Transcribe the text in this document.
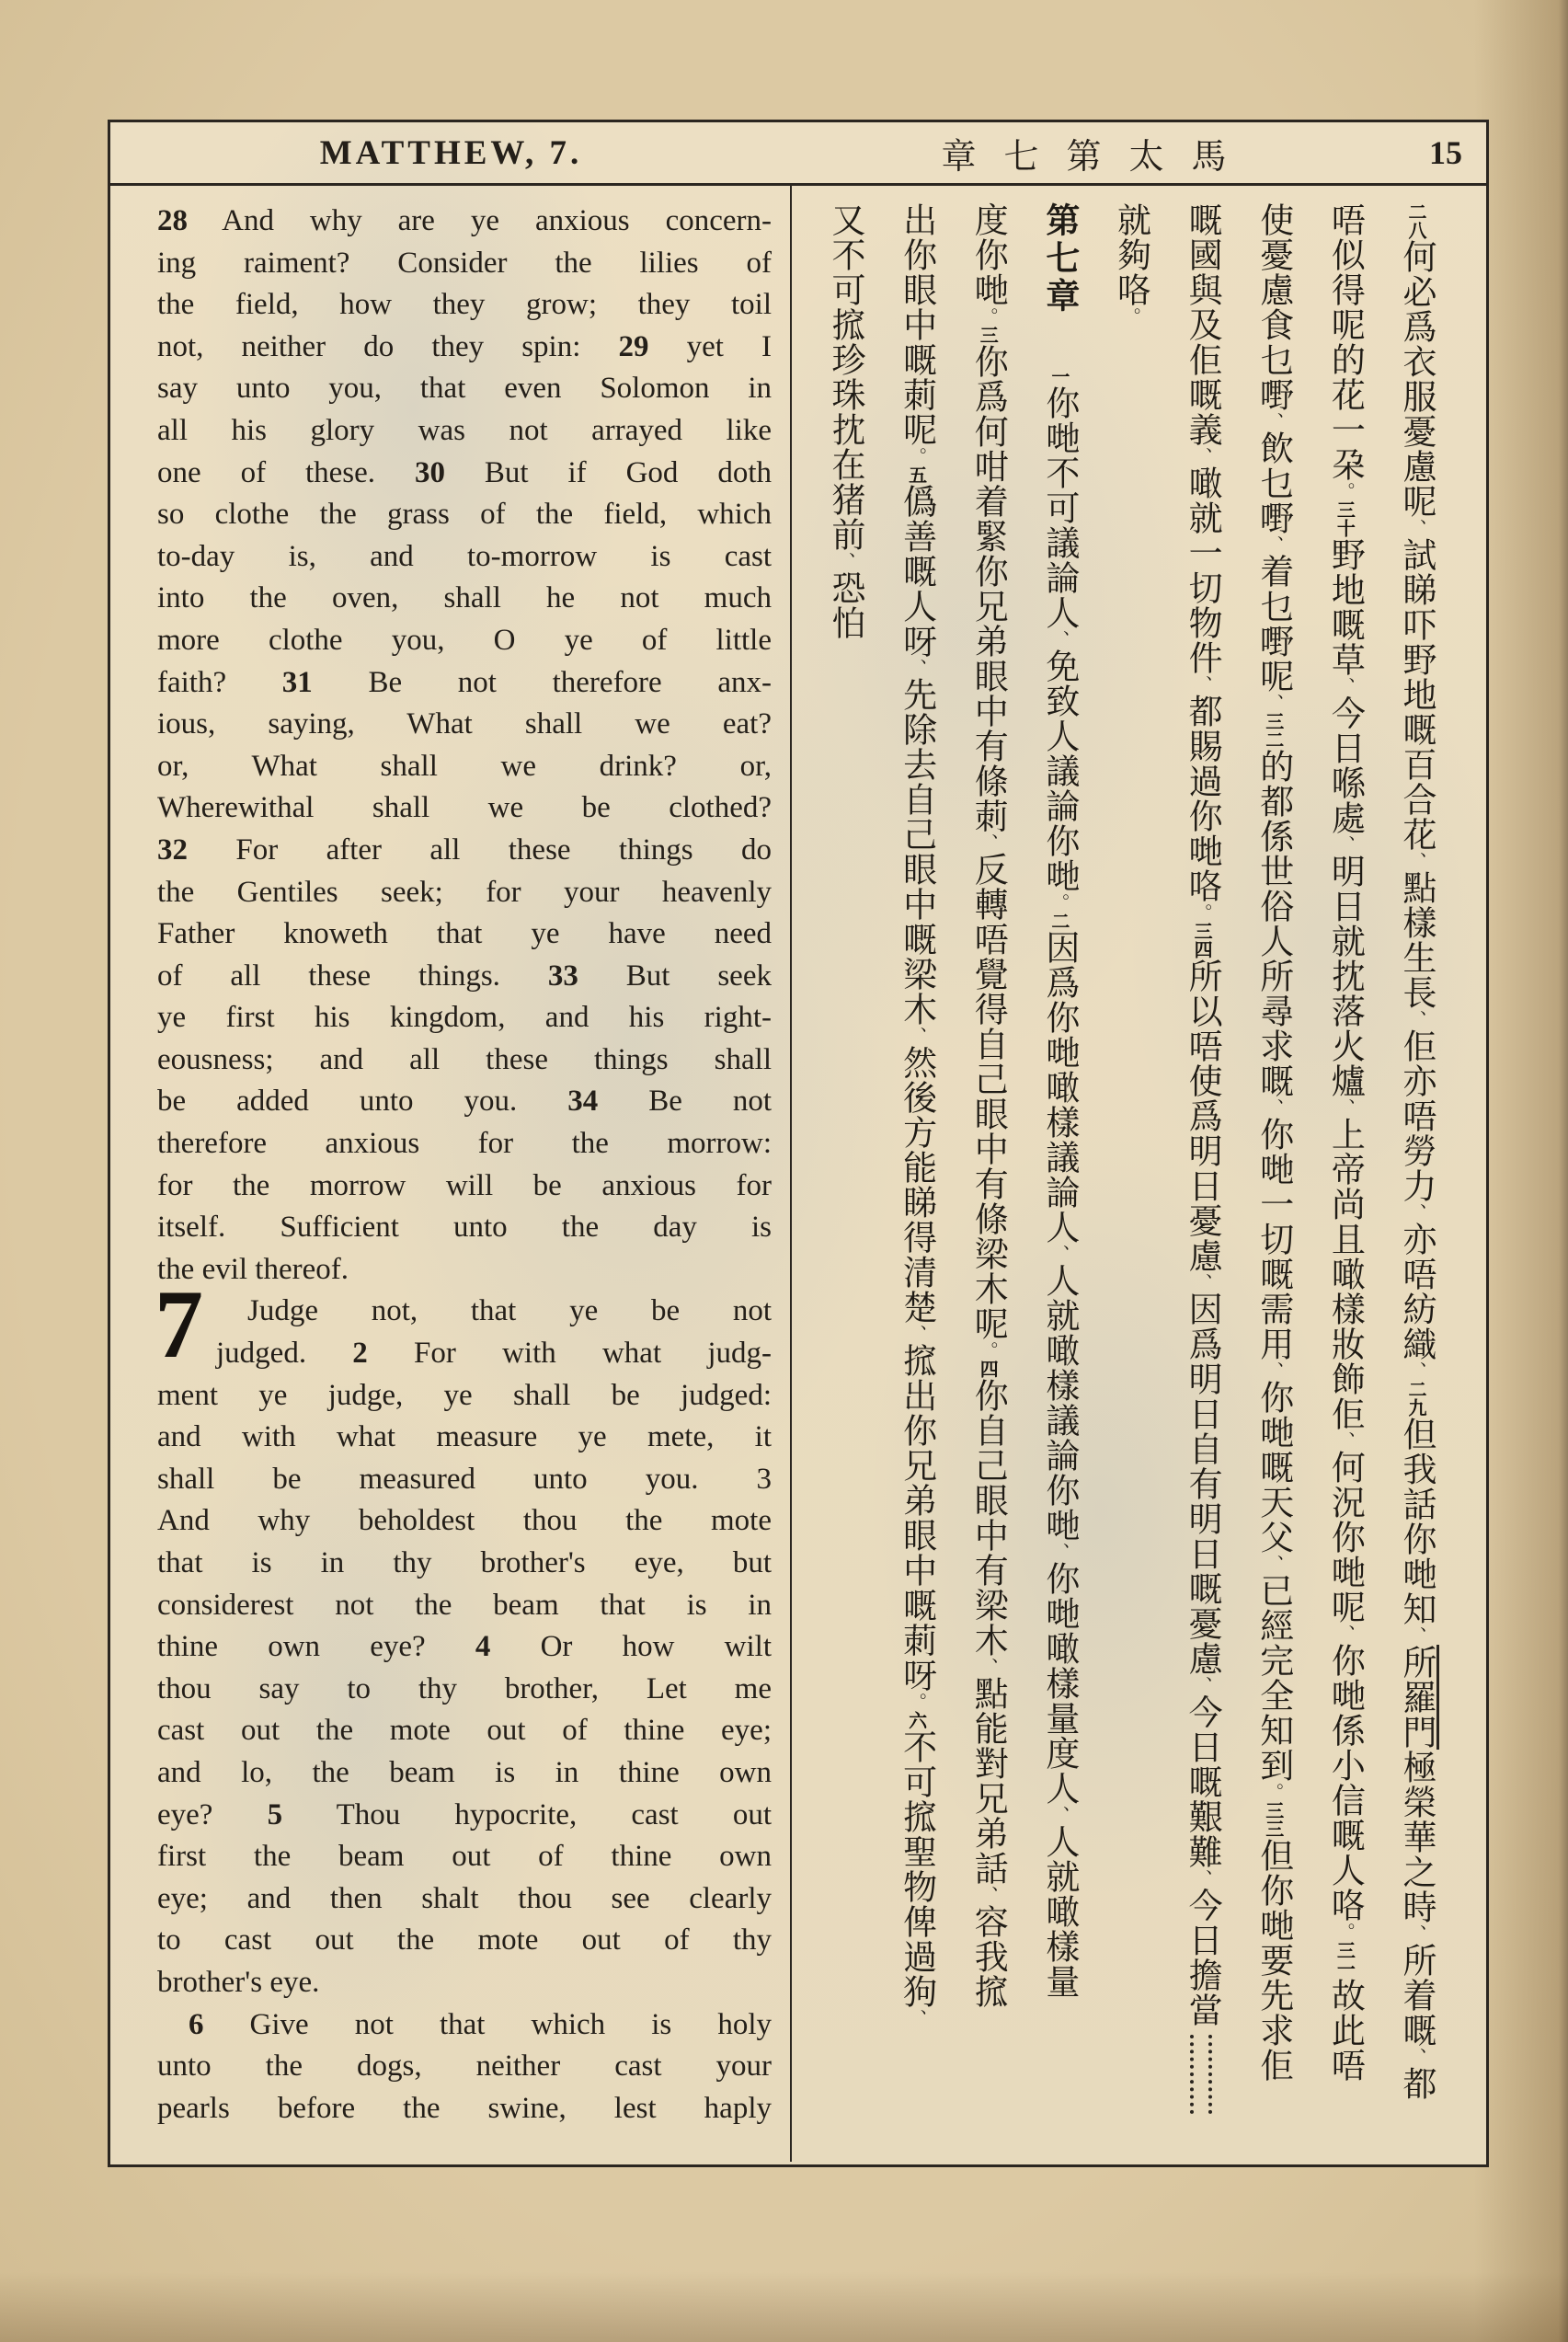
MATTHEW, 7.	章七第太馬	15
7
28 And why are ye anxious concern-
ing raiment? Consider the lilies of
the field, how they grow; they toil
not, neither do they spin: 29 yet I
say unto you, that even Solomon in
all his glory was not arrayed like
one of these. 30 But if God doth
so clothe the grass of the field, which
to-day is, and to-morrow is cast
into the oven, shall he not much
more clothe you, O ye of little
faith? 31 Be not therefore anx-
ious, saying, What shall we eat?
or, What shall we drink? or,
Wherewithal shall we be clothed?
32 For after all these things do
the Gentiles seek; for your heavenly
Father knoweth that ye have need
of all these things. 33 But seek
ye first his kingdom, and his right-
eousness; and all these things shall
be added unto you. 34 Be not
therefore anxious for the morrow:
for the morrow will be anxious for
itself. Sufficient unto the day is
the evil thereof.
Judge not, that ye be not
judged. 2 For with what judg-
ment ye judge, ye shall be judged:
and with what measure ye mete, it
shall be measured unto you. 3
And why beholdest thou the mote
that is in thy brother's eye, but
considerest not the beam that is in
thine own eye? 4 Or how wilt
thou say to thy brother, Let me
cast out the mote out of thine eye;
and lo, the beam is in thine own
eye? 5 Thou hypocrite, cast out
first the beam out of thine own
eye; and then shalt thou see clearly
to cast out the mote out of thy
brother's eye.
6 Give not that which is holy
unto the dogs, neither cast your
pearls before the swine, lest haply
二八何必爲衣服憂慮呢、試睇吓野地嘅百合花、點樣生長、佢亦唔勞力、亦唔紡織、二九但我話你哋知、所羅門極榮華之時、所着嘅、都
唔似得呢的花一朶。三十野地嘅草、今日喺處、明日就抌落火爐、上帝尚且噉樣妝飾佢、何況你哋呢、你哋係小信嘅人咯。三一故此唔
使憂慮食乜嘢、飲乜嘢、着乜嘢呢、三二的都係世俗人所尋求嘅、你哋一切嘅需用、你哋嘅天父、已經完全知到。三三但你哋要先求佢
嘅國與及佢嘅義、噉就一切物件、都賜過你哋咯。三四所以唔使爲明日憂慮、因爲明日自有明日嘅憂慮、今日嘅艱難、今日擔當
就夠咯。
第七章一你哋不可議論人、免致人議論你哋。二因爲你哋噉樣議論人、人就噉樣議論你哋、你哋噉樣量度人、人就噉樣量
度你哋。三你爲何咁着緊你兄弟眼中有條莿、反轉唔覺得自己眼中有條梁木呢。四你自己眼中有梁木、點能對兄弟話、容我搲
出你眼中嘅莿呢。五僞善嘅人呀、先除去自己眼中嘅梁木、然後方能睇得清楚、搲出你兄弟眼中嘅莿呀。六不可搲聖物俾過狗、
又不可搲珍珠抌在猪前、恐怕
